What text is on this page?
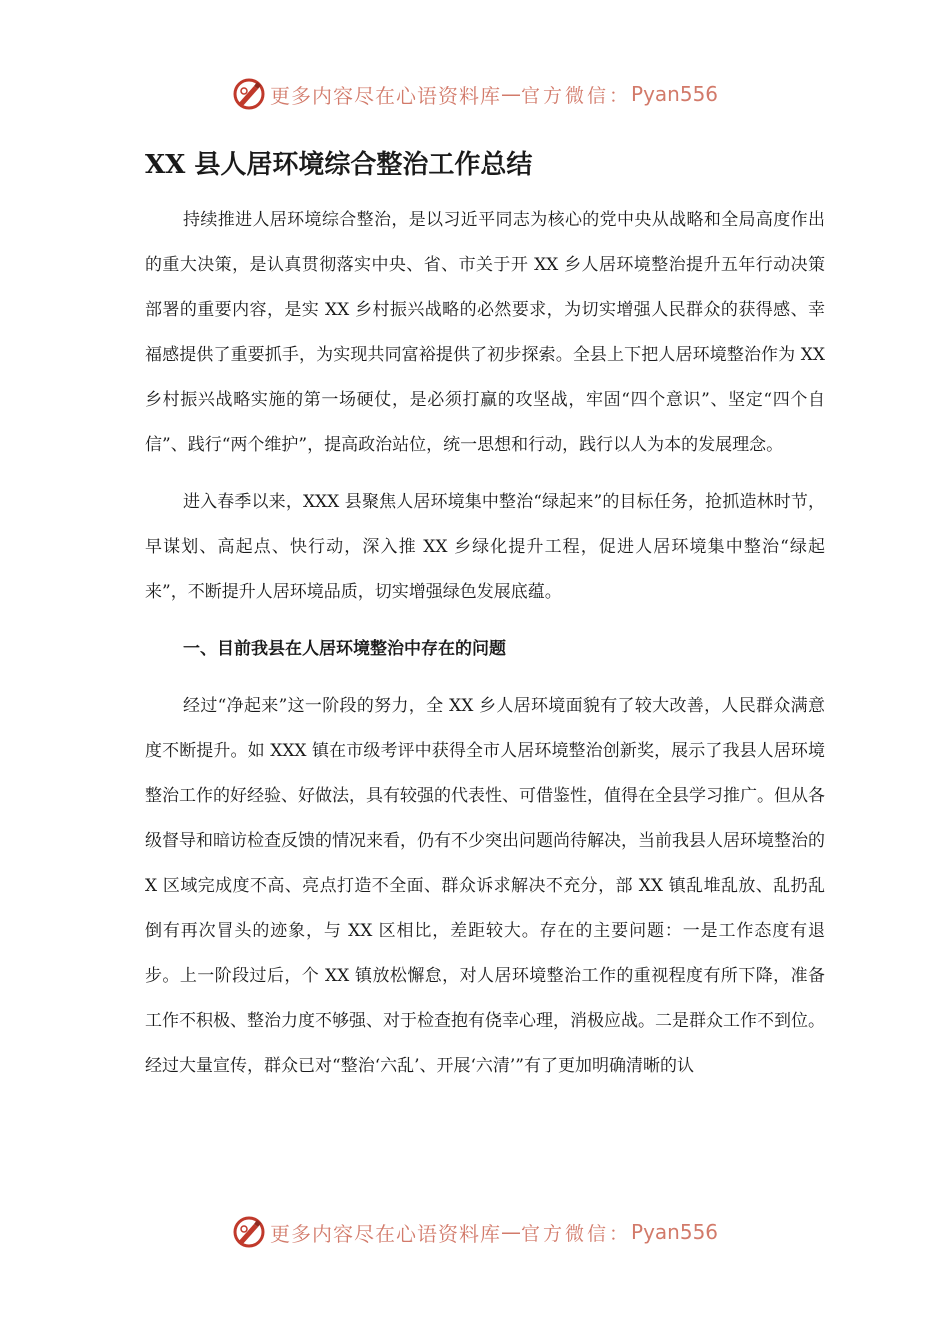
更多内容尽在心语资料库 — 官方微信： Pyan556
XX 县人居环境综合整治工作总结

持续推进人居环境综合整治，是以习近平同志为核心的党中央从战略和全局高度作出的重大决策，是认真贯彻落实中央、省、市关于开 XX 乡人居环境整治提升五年行动决策部署的重要内容，是实 XX 乡村振兴战略的必然要求，为切实增强人民群众的获得感、幸福感提供了重要抓手，为实现共同富裕提供了初步探索。全县上下把人居环境整治作为 XX 乡村振兴战略实施的第一场硬仗，是必须打赢的攻坚战，牢固“四个意识”、坚定“四个自信”、践行“两个维护”，提高政治站位，统一思想和行动，践行以人为本的发展理念。

进入春季以来，XXX 县聚焦人居环境集中整治“绿起来”的目标任务，抢抓造林时节，早谋划、高起点、快行动，深入推 XX 乡绿化提升工程，促进人居环境集中整治“绿起来”，不断提升人居环境品质，切实增强绿色发展底蕴。

一、目前我县在人居环境整治中存在的问题

经过“净起来”这一阶段的努力，全 XX 乡人居环境面貌有了较大改善，人民群众满意度不断提升。如 XXX 镇在市级考评中获得全市人居环境整治创新奖，展示了我县人居环境整治工作的好经验、好做法，具有较强的代表性、可借鉴性，值得在全县学习推广。但从各级督导和暗访检查反馈的情况来看，仍有不少突出问题尚待解决，当前我县人居环境整治的 X 区域完成度不高、亮点打造不全面、群众诉求解决不充分，部 XX 镇乱堆乱放、乱扔乱倒有再次冒头的迹象，与 XX 区相比，差距较大。存在的主要问题：一是工作态度有退步。上一阶段过后，个 XX 镇放松懈怠，对人居环境整治工作的重视程度有所下降，准备工作不积极、整治力度不够强、对于检查抱有侥幸心理，消极应战。二是群众工作不到位。经过大量宣传，群众已对“整治‘六乱’、开展‘六清’”有了更加明确清晰的认

更多内容尽在心语资料库 — 官方微信： Pyan556
